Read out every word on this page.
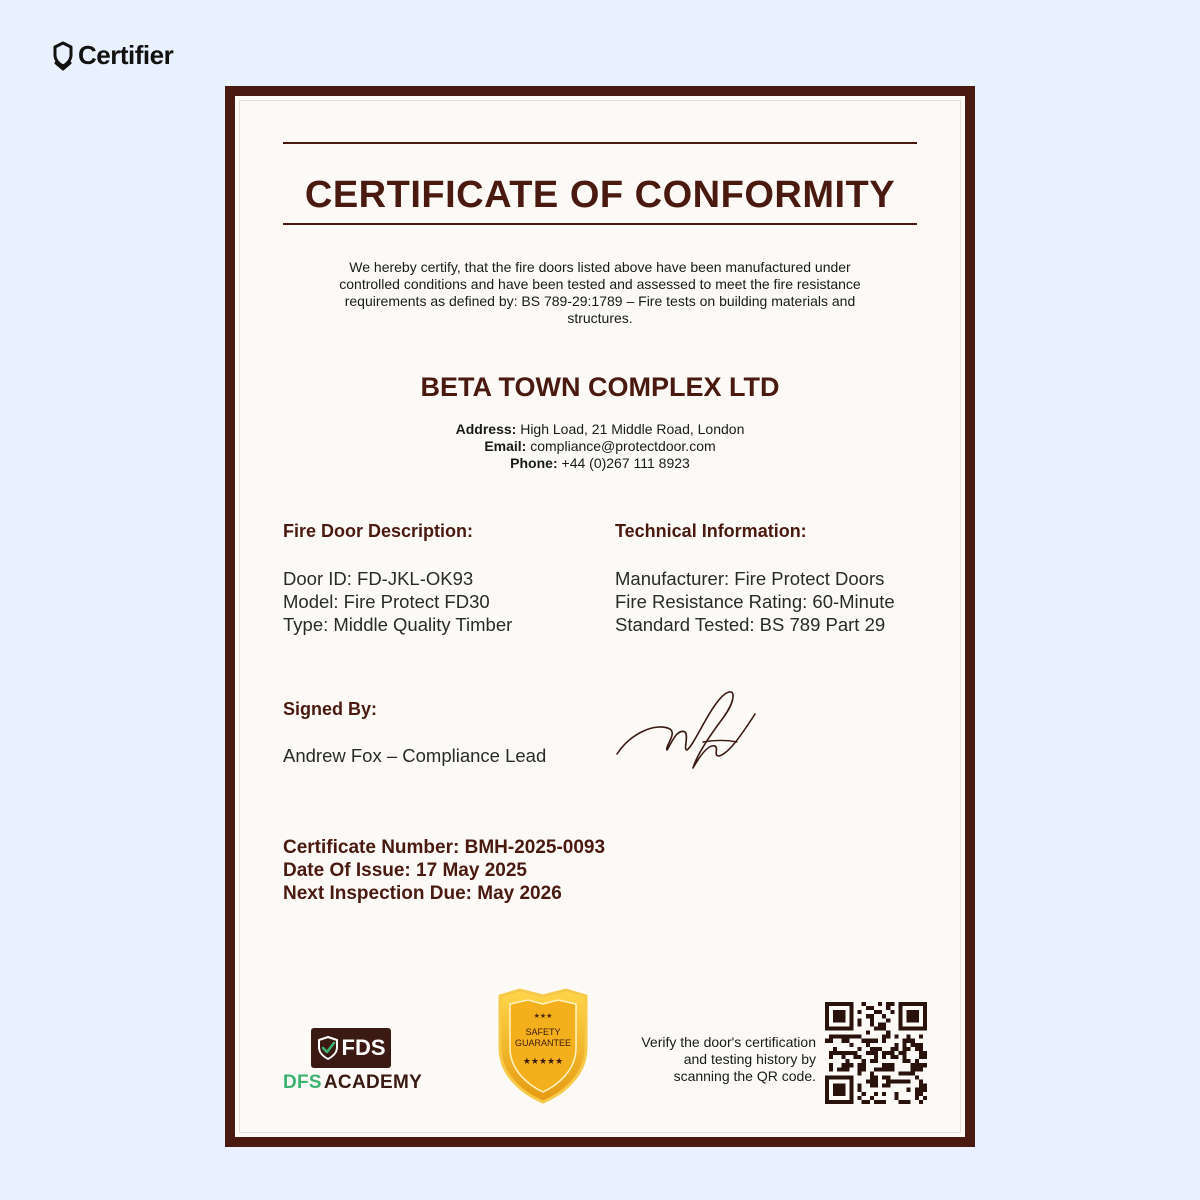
Certifier
CERTIFICATE OF CONFORMITY
We hereby certify, that the fire doors listed above have been manufactured under controlled conditions and have been tested and assessed to meet the fire resistance requirements as defined by: BS 789-29:1789 – Fire tests on building materials and structures.
BETA TOWN COMPLEX LTD
Address: High Load, 21 Middle Road, London
Email: compliance@protectdoor.com
Phone: +44 (0)267 111 8923
Fire Door Description:
Door ID: FD-JKL-OK93
Model: Fire Protect FD30
Type: Middle Quality Timber
Technical Information:
Manufacturer: Fire Protect Doors
Fire Resistance Rating: 60-Minute
Standard Tested: BS 789 Part 29
Signed By:
Andrew Fox – Compliance Lead
Certificate Number: BMH-2025-0093
Date Of Issue: 17 May 2025
Next Inspection Due: May 2026
FDS
DFS ACADEMY
★★★
SAFETY
GUARANTEE
★★★★★
Verify the door's certification and testing history by scanning the QR code.
